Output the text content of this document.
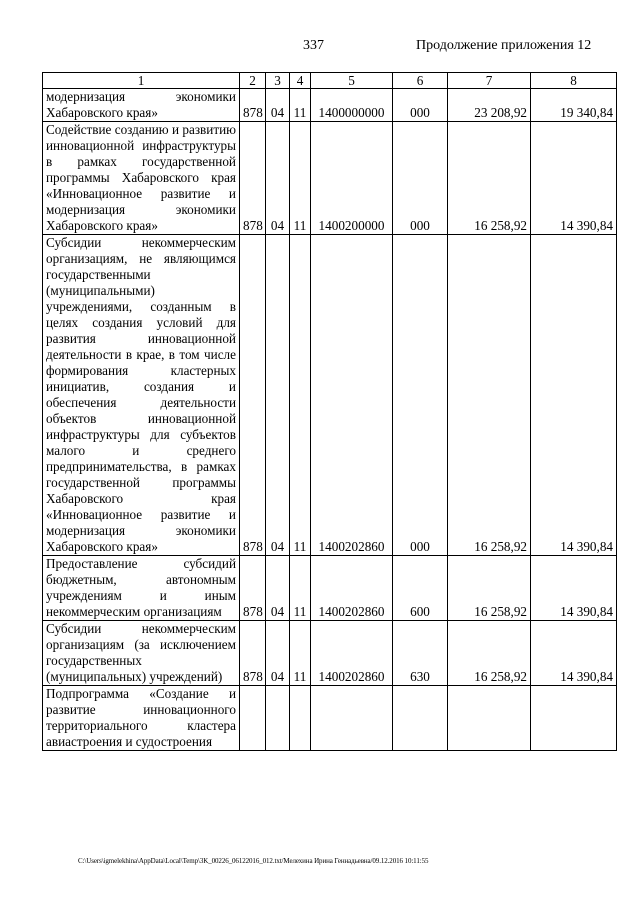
337	Продолжение приложения 12
1	2	3	4	5	6	7	8
модернизация экономики Хабаровского края»	878	04	11	1400000000	000	23 208,92	19 340,84
Содействие созданию и развитию инновационной инфраструктуры в рамках государственной программы Хабаровского края «Инновационное развитие и модернизация экономики Хабаровского края»	878	04	11	1400200000	000	16 258,92	14 390,84
Субсидии некоммерческим организациям, не являющимся государственными (муниципальными) учреждениями, созданным в целях создания условий для развития инновационной деятельности в крае, в том числе формирования кластерных инициатив, создания и обеспечения деятельности объектов инновационной инфраструктуры для субъектов малого и среднего предпринимательства, в рамках государственной программы Хабаровского края «Инновационное развитие и модернизация экономики Хабаровского края»	878	04	11	1400202860	000	16 258,92	14 390,84
Предоставление субсидий бюджетным, автономным учреждениям и иным некоммерческим организациям	878	04	11	1400202860	600	16 258,92	14 390,84
Субсидии некоммерческим организациям (за исключением государственных (муниципальных) учреждений)	878	04	11	1400202860	630	16 258,92	14 390,84
Подпрограмма «Создание и развитие инновационного территориального кластера авиастроения и судостроения							
C:\Users\igmelekhina\AppData\Local\Temp\3K_00226_06122016_012.txt/Мелехина Ирина Геннадьевна/09.12.2016 10:11:55
